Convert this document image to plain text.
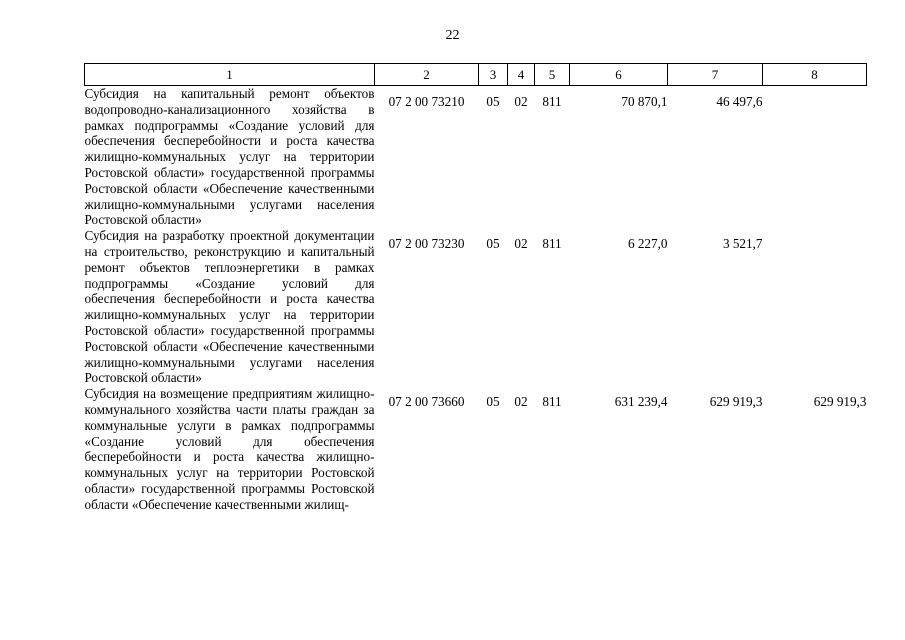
22
1	2	3	4	5	6	7	8
Субсидия на капитальный ремонт объектов водопроводно-канализационного хозяйства в рамках подпрограммы «Создание условий для обеспечения бесперебойности и роста качества жилищно-коммунальных услуг на территории Ростовской области» государственной программы Ростовской области «Обеспечение качественными жилищно-коммунальными услугами населения Ростовской области»	07 2 00 73210	05	02	811	70 870,1	46 497,6	
Субсидия на разработку проектной документации на строительство, реконструкцию и капитальный ремонт объектов теплоэнергетики в рамках подпрограммы «Создание условий для обеспечения бесперебойности и роста качества жилищно-коммунальных услуг на территории Ростовской области» государственной программы Ростовской области «Обеспечение качественными жилищно-коммунальными услугами населения Ростовской области»	07 2 00 73230	05	02	811	6 227,0	3 521,7	
Субсидия на возмещение предприятиям жилищно-коммунального хозяйства части платы граждан за коммунальные услуги в рамках подпрограммы «Создание условий для обеспечения бесперебойности и роста качества жилищно-коммунальных услуг на территории Ростовской области» государственной программы Ростовской области «Обеспечение качественными жилищ-	07 2 00 73660	05	02	811	631 239,4	629 919,3	629 919,3
